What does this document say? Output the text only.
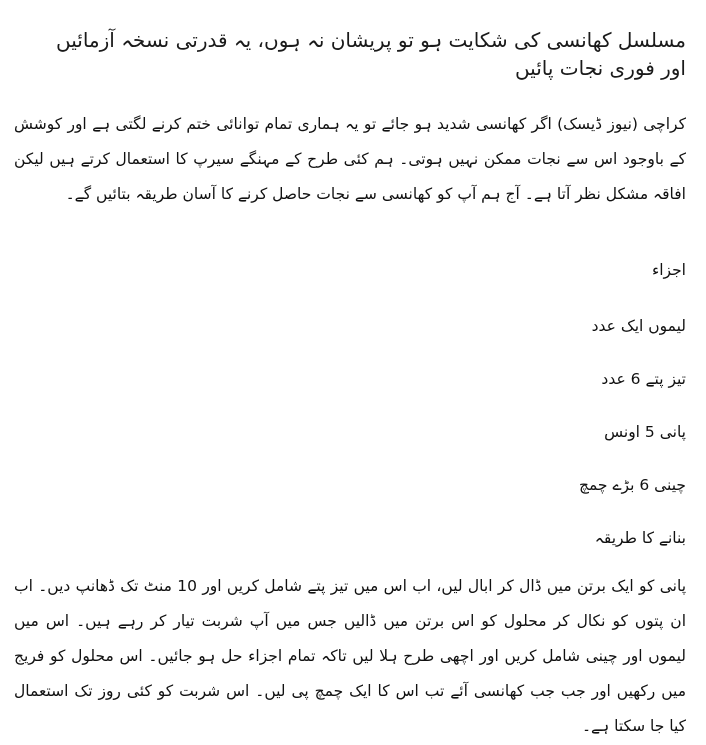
مسلسل کھانسی کی شکایت ہو تو پریشان نہ ہوں، یہ قدرتی نسخہ آزمائیں اور فوری نجات پائیں

کراچی (نیوز ڈیسک) اگر کھانسی شدید ہو جائے تو یہ ہماری تمام توانائی ختم کرنے لگتی ہے اور کوشش کے باوجود اس سے نجات ممکن نہیں ہوتی۔ ہم کئی طرح کے مہنگے سیرپ کا استعمال کرتے ہیں لیکن افاقہ مشکل نظر آتا ہے۔ آج ہم آپ کو کھانسی سے نجات حاصل کرنے کا آسان طریقہ بتائیں گے۔

اجزاء

لیموں ایک عدد

تیز پتے 6 عدد

پانی 5 اونس

چینی 6 بڑے چمچ

بنانے کا طریقہ

پانی کو ایک برتن میں ڈال کر ابال لیں، اب اس میں تیز پتے شامل کریں اور 10 منٹ تک ڈھانپ دیں۔ اب ان پتوں کو نکال کر محلول کو اس برتن میں ڈالیں جس میں آپ شربت تیار کر رہے ہیں۔ اس میں لیموں اور چینی شامل کریں اور اچھی طرح ہلا لیں تاکہ تمام اجزاء حل ہو جائیں۔ اس محلول کو فریج میں رکھیں اور جب جب کھانسی آئے تب اس کا ایک چمچ پی لیں۔ اس شربت کو کئی روز تک استعمال کیا جا سکتا ہے۔
